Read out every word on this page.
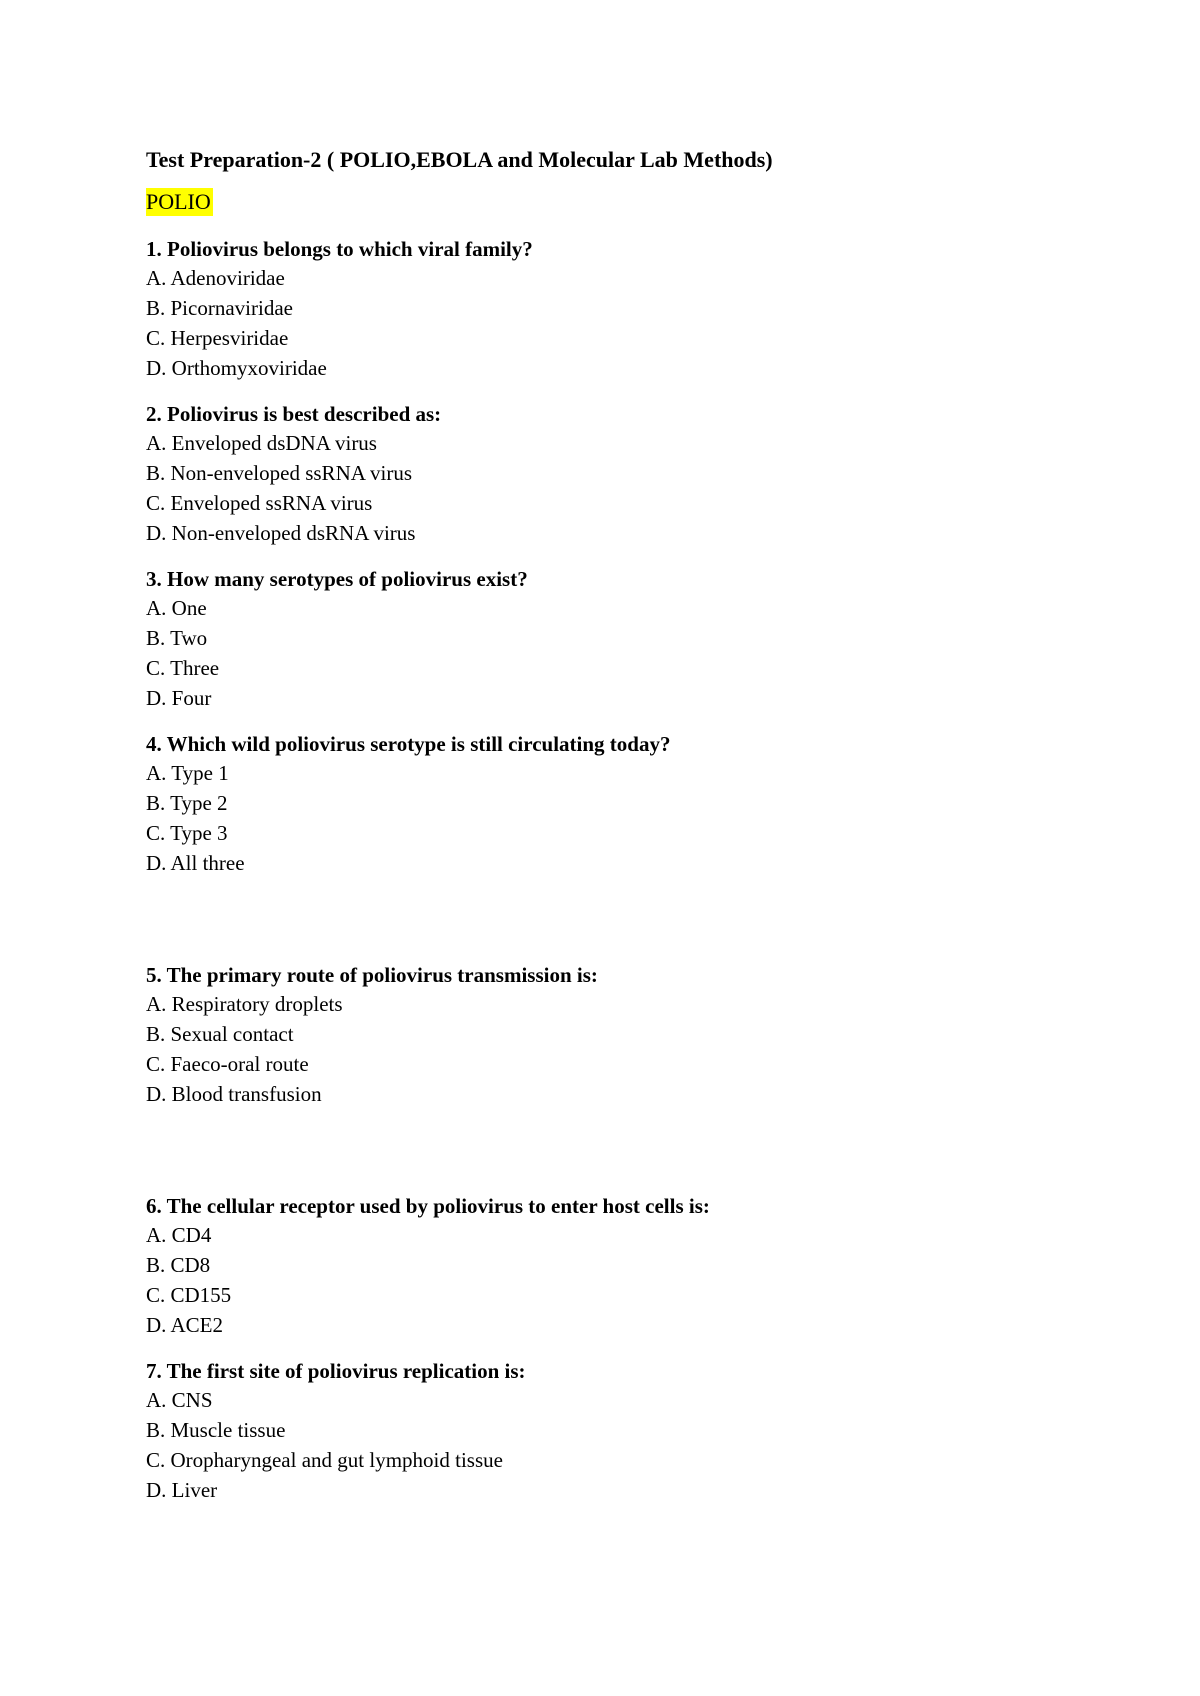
Test Preparation-2 ( POLIO,EBOLA and Molecular Lab Methods)
POLIO
1. Poliovirus belongs to which viral family?
A. Adenoviridae
B. Picornaviridae
C. Herpesviridae
D. Orthomyxoviridae
2. Poliovirus is best described as:
A. Enveloped dsDNA virus
B. Non-enveloped ssRNA virus
C. Enveloped ssRNA virus
D. Non-enveloped dsRNA virus
3. How many serotypes of poliovirus exist?
A. One
B. Two
C. Three
D. Four
4. Which wild poliovirus serotype is still circulating today?
A. Type 1
B. Type 2
C. Type 3
D. All three
5. The primary route of poliovirus transmission is:
A. Respiratory droplets
B. Sexual contact
C. Faeco-oral route
D. Blood transfusion
6. The cellular receptor used by poliovirus to enter host cells is:
A. CD4
B. CD8
C. CD155
D. ACE2
7. The first site of poliovirus replication is:
A. CNS
B. Muscle tissue
C. Oropharyngeal and gut lymphoid tissue
D. Liver
